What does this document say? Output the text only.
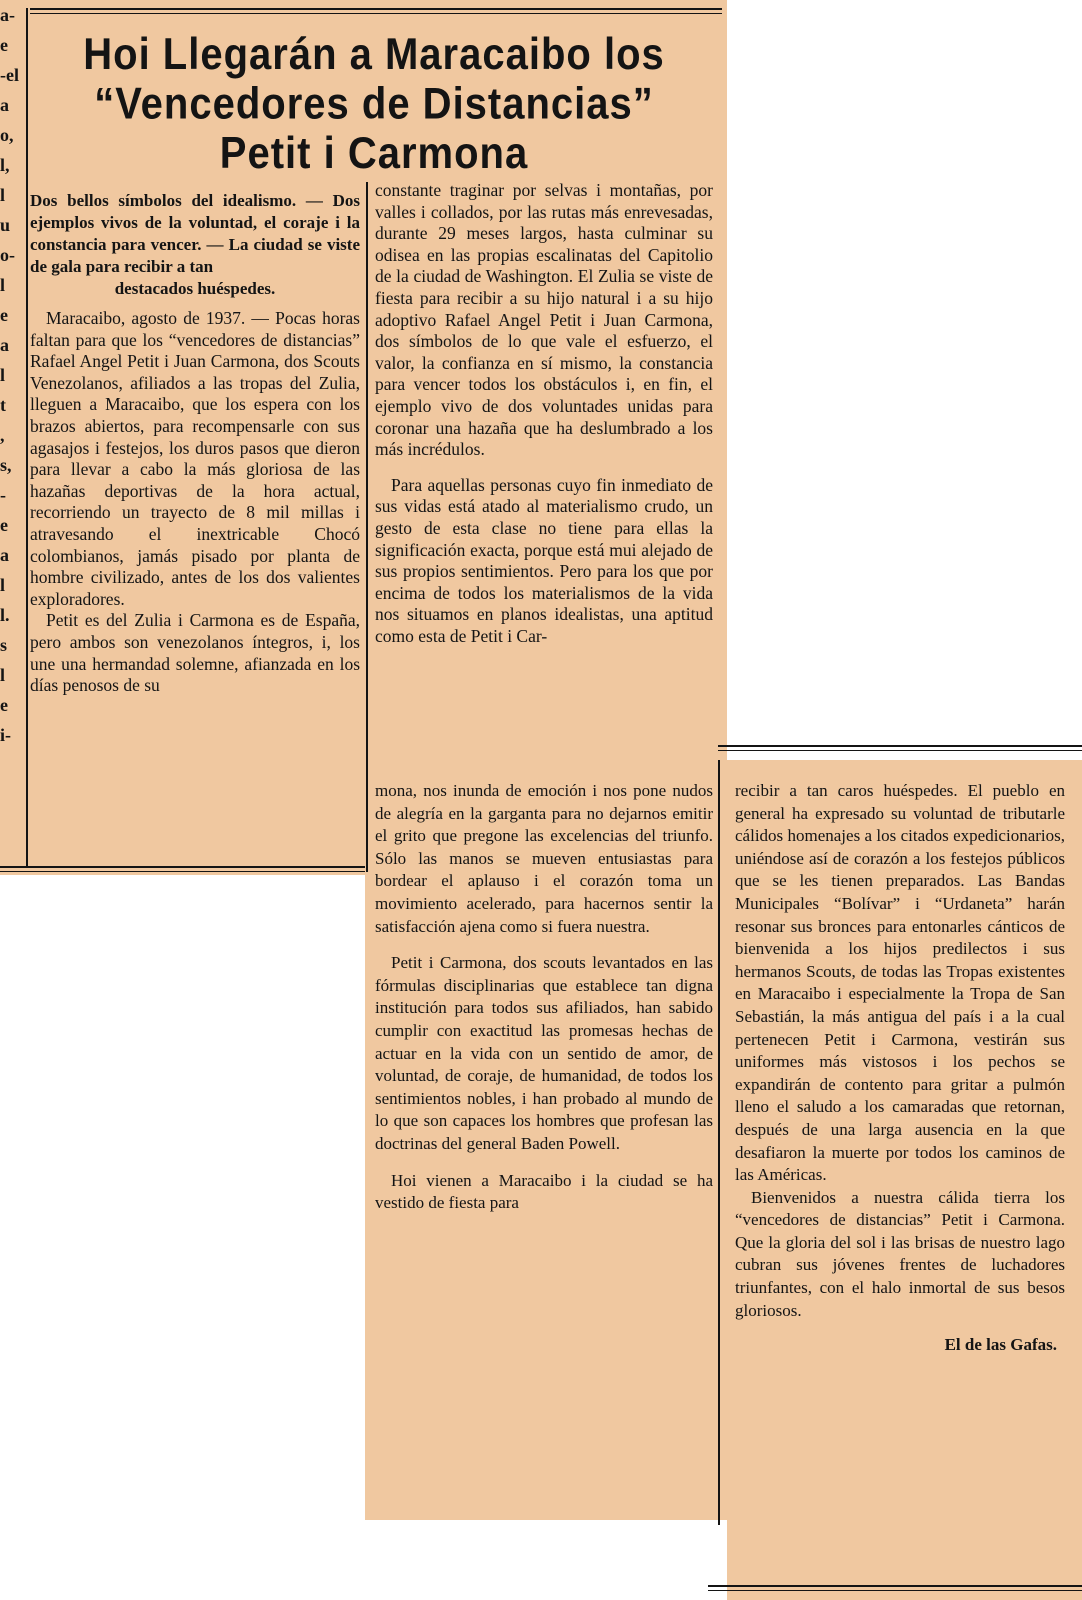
a-
e
-el
a
o,
l,
l
u
o-
l
e
a
l
t
,
s,
-
e
a
l
l.
s
l
e
i-
Hoi Llegarán a Maracaibo los
“Vencedores de Distancias”
Petit i Carmona
Dos bellos símbolos del idealismo. — Dos ejemplos vivos de la voluntad, el coraje i la constancia para vencer. — La ciudad se viste de gala para recibir a tan
destacados huéspedes.

Maracaibo, agosto de 1937. — Pocas horas faltan para que los “vencedores de distancias” Rafael Angel Petit i Juan Carmona, dos Scouts Venezolanos, afiliados a las tropas del Zulia, lleguen a Maracaibo, que los espera con los brazos abiertos, para recompensarle con sus agasajos i festejos, los duros pasos que dieron para llevar a cabo la más gloriosa de las hazañas deportivas de la hora actual, recorriendo un trayecto de 8 mil millas i atravesando el inextricable Chocó colombianos, jamás pisado por planta de hombre civilizado, antes de los dos valientes exploradores.

Petit es del Zulia i Carmona es de España, pero ambos son venezolanos íntegros, i, los une una hermandad solemne, afianzada en los días penosos de su

constante traginar por selvas i montañas, por valles i collados, por las rutas más enrevesadas, durante 29 meses largos, hasta culminar su odisea en las propias escalinatas del Capitolio de la ciudad de Washington. El Zulia se viste de fiesta para recibir a su hijo natural i a su hijo adoptivo Rafael Angel Petit i Juan Carmona, dos símbolos de lo que vale el esfuerzo, el valor, la confianza en sí mismo, la constancia para vencer todos los obstáculos i, en fin, el ejemplo vivo de dos voluntades unidas para coronar una hazaña que ha deslumbrado a los más incrédulos.

Para aquellas personas cuyo fin inmediato de sus vidas está atado al materialismo crudo, un gesto de esta clase no tiene para ellas la significación exacta, porque está mui alejado de sus propios sentimientos. Pero para los que por encima de todos los materialismos de la vida nos situamos en planos idealistas, una aptitud como esta de Petit i Car-

mona, nos inunda de emoción i nos pone nudos de alegría en la garganta para no dejarnos emitir el grito que pregone las excelencias del triunfo. Sólo las manos se mueven entusiastas para bordear el aplauso i el corazón toma un movimiento acelerado, para hacernos sentir la satisfacción ajena como si fuera nuestra.

Petit i Carmona, dos scouts levantados en las fórmulas disciplinarias que establece tan digna institución para todos sus afiliados, han sabido cumplir con exactitud las promesas hechas de actuar en la vida con un sentido de amor, de voluntad, de coraje, de humanidad, de todos los sentimientos nobles, i han probado al mundo de lo que son capaces los hombres que profesan las doctrinas del general Baden Powell.

Hoi vienen a Maracaibo i la ciudad se ha vestido de fiesta para

recibir a tan caros huéspedes. El pueblo en general ha expresado su voluntad de tributarle cálidos homenajes a los citados expedicionarios, uniéndose así de corazón a los festejos públicos que se les tienen preparados. Las Bandas Municipales “Bolívar” i “Urdaneta” harán resonar sus bronces para entonarles cánticos de bienvenida a los hijos predilectos i sus hermanos Scouts, de todas las Tropas existentes en Maracaibo i especialmente la Tropa de San Sebastián, la más antigua del país i a la cual pertenecen Petit i Carmona, vestirán sus uniformes más vistosos i los pechos se expandirán de contento para gritar a pulmón lleno el saludo a los camaradas que retornan, después de una larga ausencia en la que desafiaron la muerte por todos los caminos de las Américas.

Bienvenidos a nuestra cálida tierra los “vencedores de distancias” Petit i Carmona. Que la gloria del sol i las brisas de nuestro lago cubran sus jóvenes frentes de luchadores triunfantes, con el halo inmortal de sus besos gloriosos.

El de las Gafas.
